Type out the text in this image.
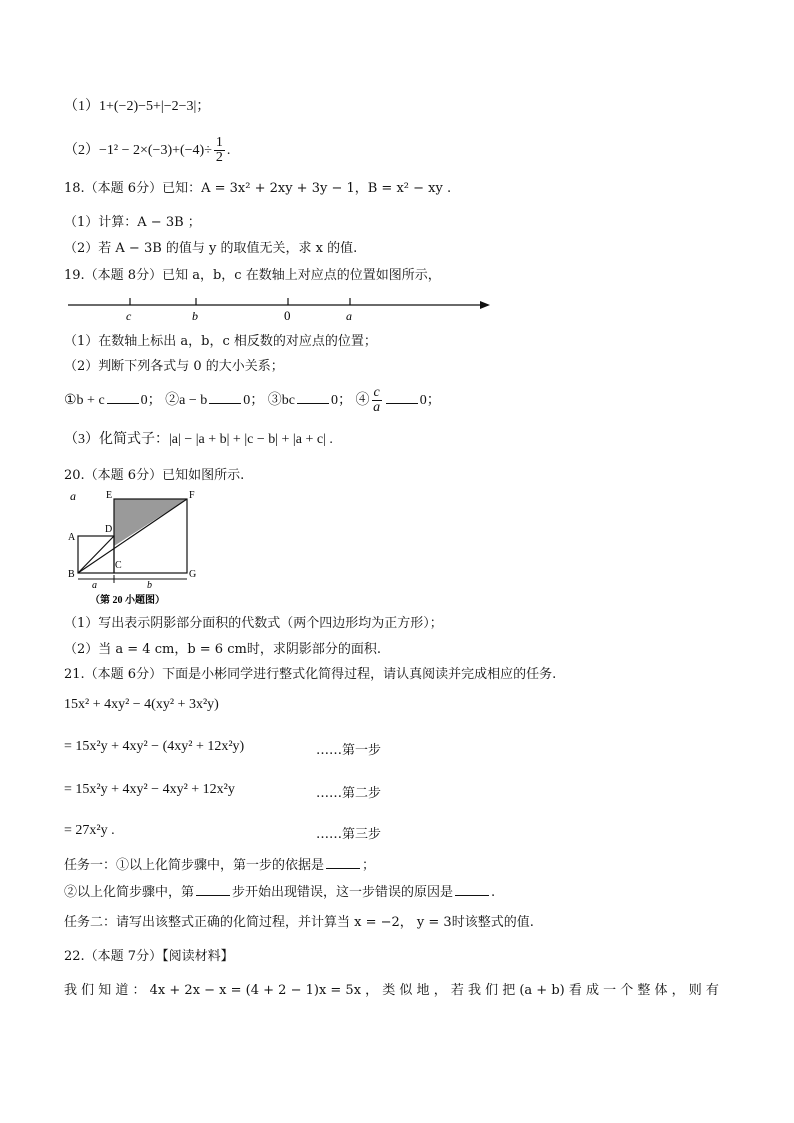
（1）1+(−2)−5+|−2−3|；
$(2)-1^2 - 2\times(-3)+(-4)\div \frac{1}{2}$ .
18.（本题 6分）已知：A = 3x² + 2xy + 3y − 1，B = x² − xy .
（1）计算：A − 3B ；
（2）若 A − 3B 的值与 y 的取值无关，求 x 的值.
19.（本题 8分）已知 a，b，c 在数轴上对应点的位置如图所示，
c	b	0	a
（1）在数轴上标出 a，b，c 相反数的对应点的位置；
（2）判断下列各式与 0 的大小关系；
①b + c	0； ②a − b	0； ③bc	0； ④ $\frac{c}{a}$	0；
（3）化简式子：|a| − |a + b| + |c − b| + |a + c| .
20.（本题 6分）已知如图所示.
a	E	F
A
D
B
C
G
a	b
（第 20 小题图）
（1）写出表示阴影部分面积的代数式（两个四边形均为正方形）；
（2）当 a = 4 cm，b = 6 cm时，求阴影部分的面积.
21.（本题 6分）下面是小彬同学进行整式化简得过程，请认真阅读并完成相应的任务.
15x² + 4xy² − 4(xy² + 3x²y)
= 15x²y + 4xy² − (4xy² + 12x²y)	……第一步
= 15x²y + 4xy² − 4xy² + 12x²y	……第二步
= 27x²y .	……第三步
任务一：①以上化简步骤中，第一步的依据是	；
②以上化简步骤中，第	步开始出现错误，这一步错误的原因是	.
任务二：请写出该整式正确的化简过程，并计算当 x = −2， y = 3时该整式的值.
22.（本题 7分）【阅读材料】
我 们 知 道 ： 4x + 2x − x = (4 + 2 − 1)x = 5x ， 类 似 地 ， 若 我 们 把 (a + b) 看 成 一 个 整 体 ， 则 有
